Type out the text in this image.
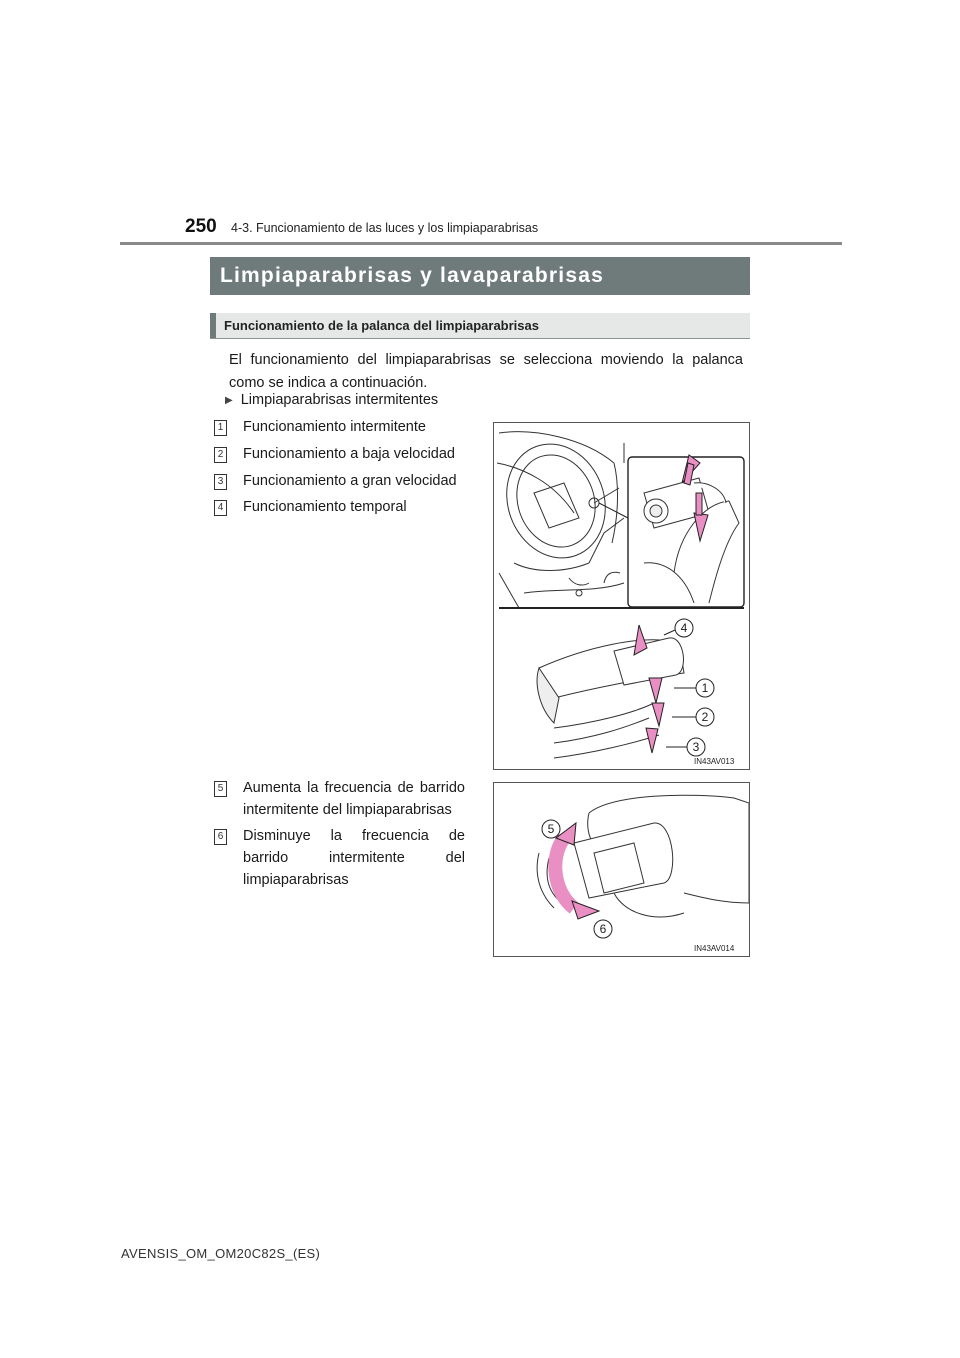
250 4-3. Funcionamiento de las luces y los limpiaparabrisas
Limpiaparabrisas y lavaparabrisas
Funcionamiento de la palanca del limpiaparabrisas
El funcionamiento del limpiaparabrisas se selecciona moviendo la palanca como se indica a continuación.
▶ Limpiaparabrisas intermitentes
1 Funcionamiento intermitente
2 Funcionamiento a baja velocidad
3 Funcionamiento a gran velocidad
4 Funcionamiento temporal
4
1
2
3
IN43AV013
5 Aumenta la frecuencia de barrido intermitente del limpiaparabrisas
6 Disminuye la frecuencia de barrido intermitente del limpiaparabrisas
5
6
IN43AV014
AVENSIS_OM_OM20C82S_(ES)
